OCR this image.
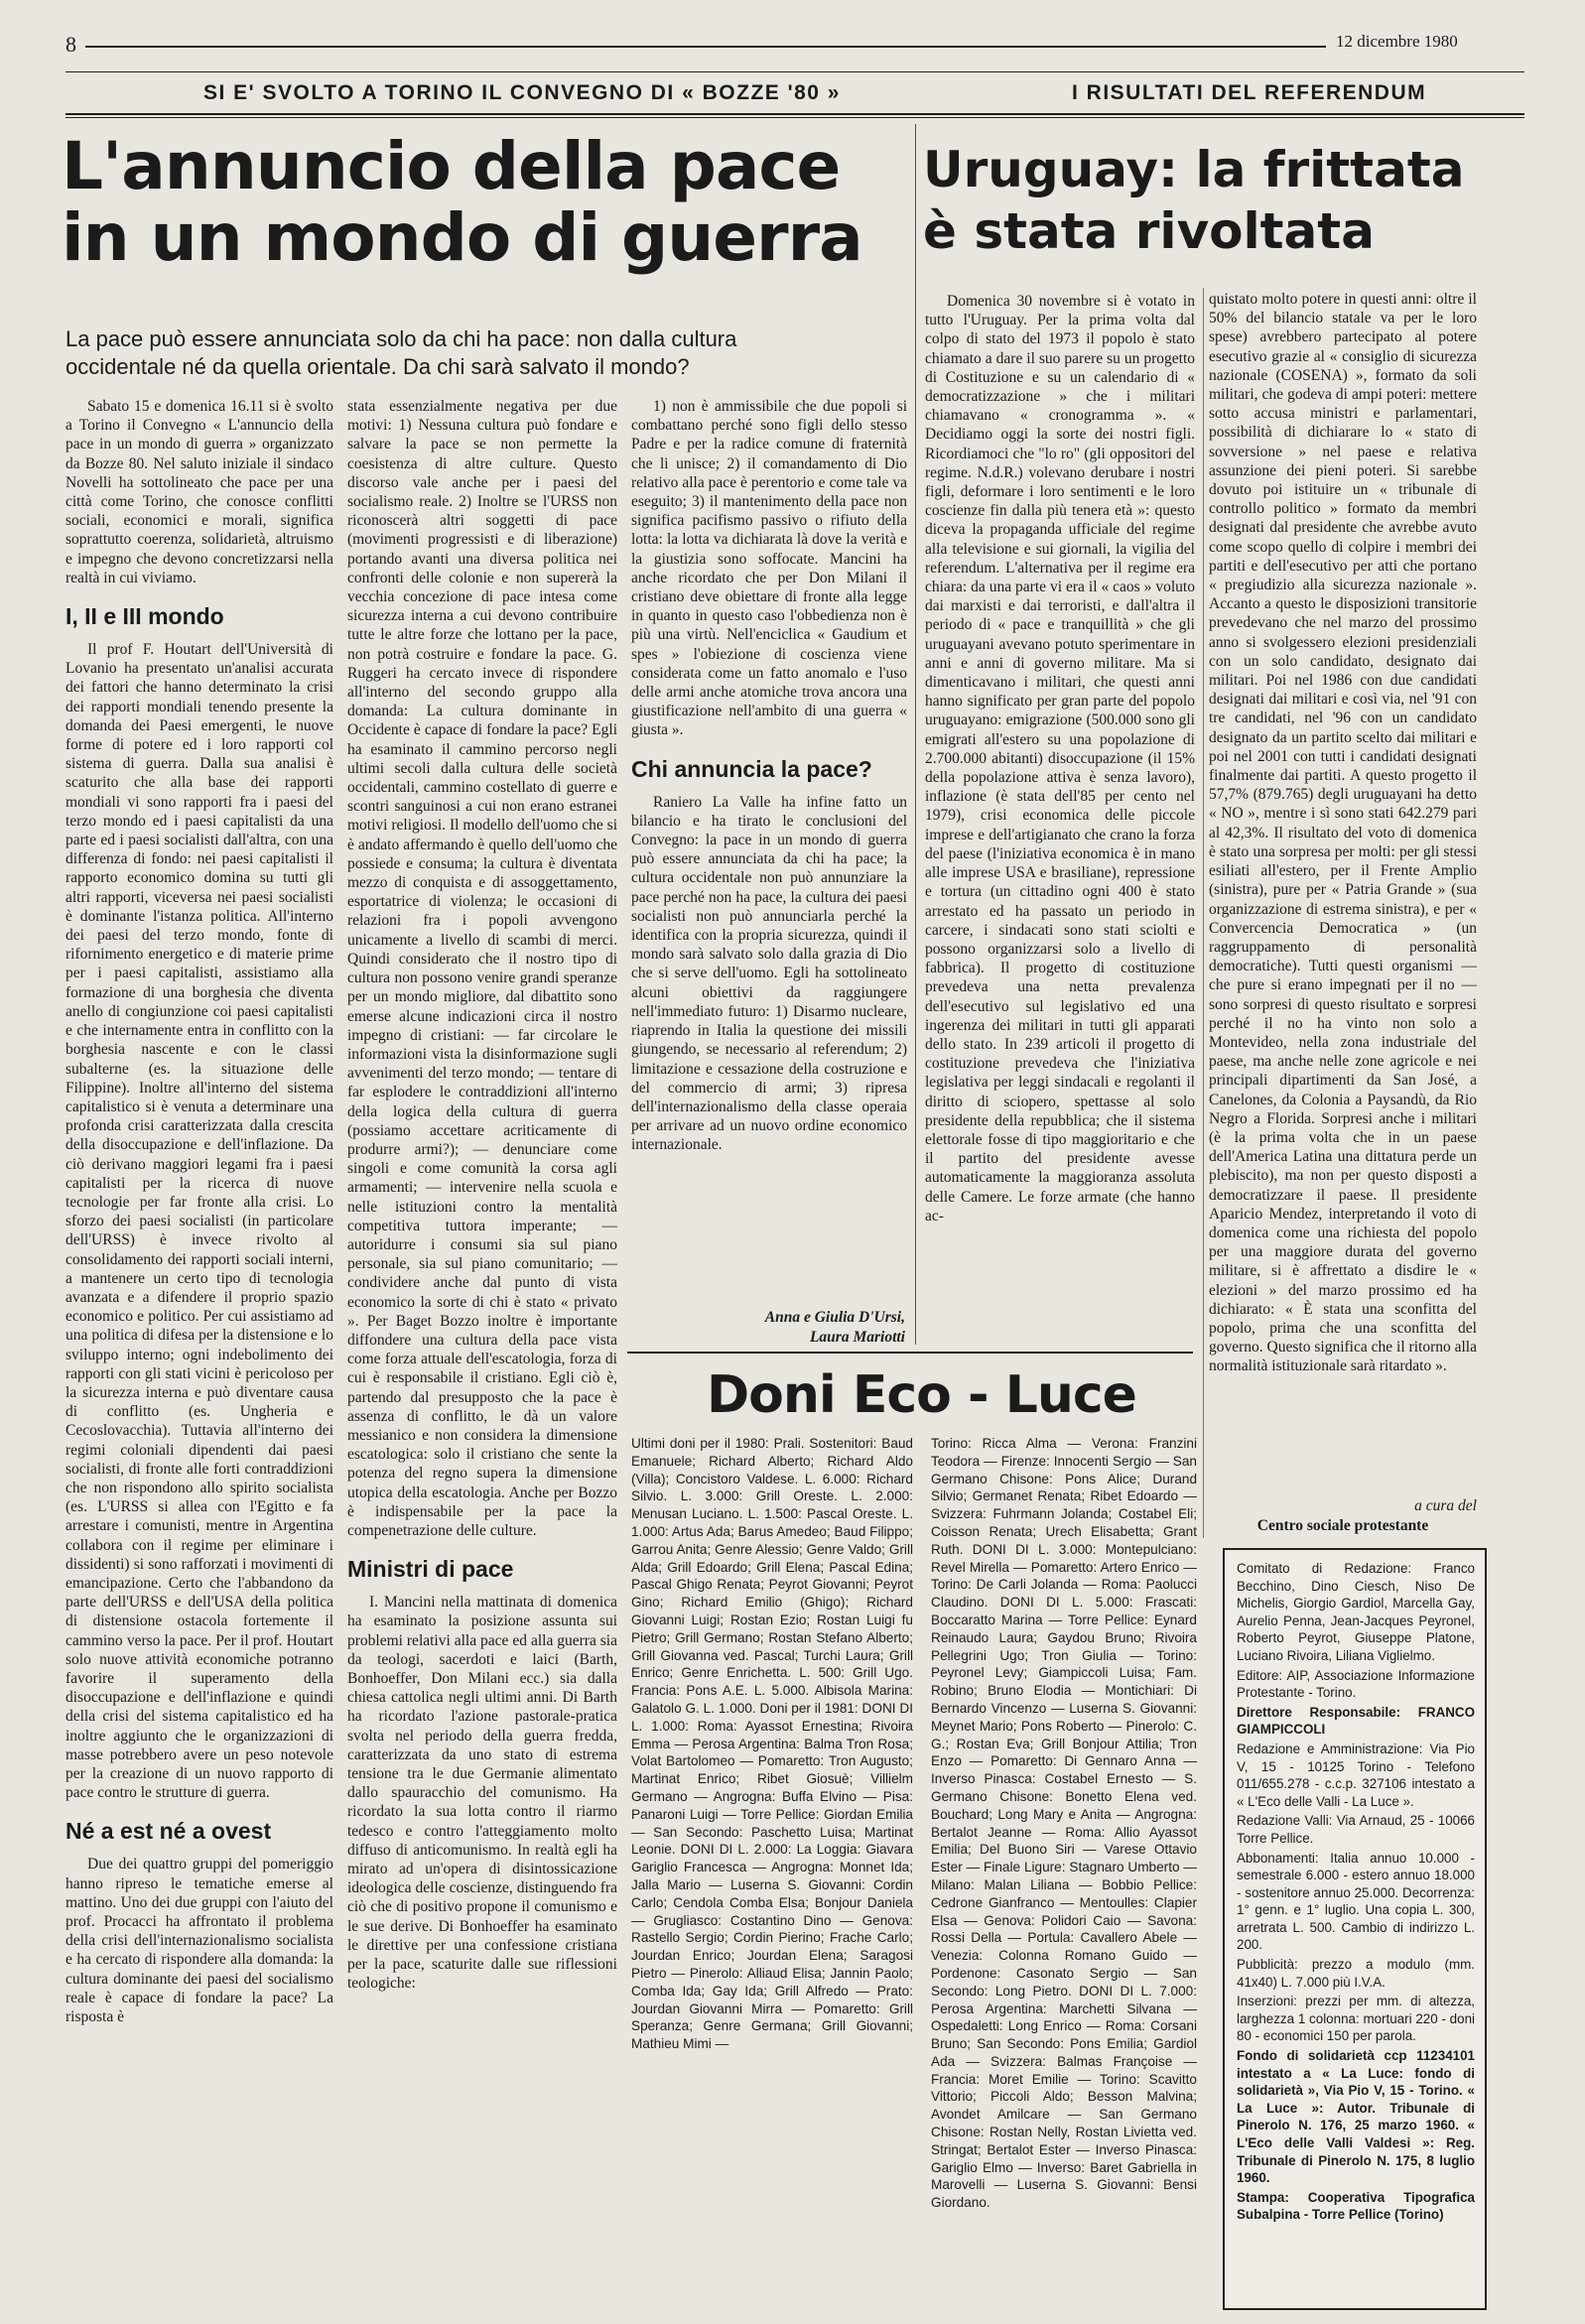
8	12 dicembre 1980
SI E' SVOLTO A TORINO IL CONVEGNO DI « BOZZE '80 »	I RISULTATI DEL REFERENDUM
L'annuncio della pace
in un mondo di guerra
La pace può essere annunciata solo da chi ha pace: non dalla cultura
occidentale né da quella orientale. Da chi sarà salvato il mondo?

Sabato 15 e domenica 16.11 si è svolto a Torino il Convegno « L'annuncio della pace in un mondo di guerra » organizzato da Bozze 80. Nel saluto iniziale il sindaco Novelli ha sottolineato che pace per una città come Torino, che conosce conflitti sociali, economici e morali, significa soprattutto coerenza, solidarietà, altruismo e impegno che devono concretizzarsi nella realtà in cui viviamo.

I, II e III mondo

Il prof F. Houtart dell'Università di Lovanio ha presentato un'analisi accurata dei fattori che hanno determinato la crisi dei rapporti mondiali tenendo presente la domanda dei Paesi emergenti, le nuove forme di potere ed i loro rapporti col sistema di guerra. Dalla sua analisi è scaturito che alla base dei rapporti mondiali vi sono rapporti fra i paesi del terzo mondo ed i paesi capitalisti da una parte ed i paesi socialisti dall'altra, con una differenza di fondo: nei paesi capitalisti il rapporto economico domina su tutti gli altri rapporti, viceversa nei paesi socialisti è dominante l'istanza politica. All'interno dei paesi del terzo mondo, fonte di rifornimento energetico e di materie prime per i paesi capitalisti, assistiamo alla formazione di una borghesia che diventa anello di congiunzione coi paesi capitalisti e che internamente entra in conflitto con la borghesia nascente e con le classi subalterne (es. la situazione delle Filippine). Inoltre all'interno del sistema capitalistico si è venuta a determinare una profonda crisi caratterizzata dalla crescita della disoccupazione e dell'inflazione. Da ciò derivano maggiori legami fra i paesi capitalisti per la ricerca di nuove tecnologie per far fronte alla crisi. Lo sforzo dei paesi socialisti (in particolare dell'URSS) è invece rivolto al consolidamento dei rapporti sociali interni, a mantenere un certo tipo di tecnologia avanzata e a difendere il proprio spazio economico e politico. Per cui assistiamo ad una politica di difesa per la distensione e lo sviluppo interno; ogni indebolimento dei rapporti con gli stati vicini è pericoloso per la sicurezza interna e può diventare causa di conflitto (es. Ungheria e Cecoslovacchia). Tuttavia all'interno dei regimi coloniali dipendenti dai paesi socialisti, di fronte alle forti contraddizioni che non rispondono allo spirito socialista (es. L'URSS si allea con l'Egitto e fa arrestare i comunisti, mentre in Argentina collabora con il regime per eliminare i dissidenti) si sono rafforzati i movimenti di emancipazione. Certo che l'abbandono da parte dell'URSS e dell'USA della politica di distensione ostacola fortemente il cammino verso la pace. Per il prof. Houtart solo nuove attività economiche potranno favorire il superamento della disoccupazione e dell'inflazione e quindi della crisi del sistema capitalistico ed ha inoltre aggiunto che le organizzazioni di masse potrebbero avere un peso notevole per la creazione di un nuovo rapporto di pace contro le strutture di guerra.

Né a est né a ovest

Due dei quattro gruppi del pomeriggio hanno ripreso le tematiche emerse al mattino. Uno dei due gruppi con l'aiuto del prof. Procacci ha affrontato il problema della crisi dell'internazionalismo socialista e ha cercato di rispondere alla domanda: la cultura dominante dei paesi del socialismo reale è capace di fondare la pace? La risposta è

stata essenzialmente negativa per due motivi: 1) Nessuna cultura può fondare e salvare la pace se non permette la coesistenza di altre culture. Questo discorso vale anche per i paesi del socialismo reale. 2) Inoltre se l'URSS non riconoscerà altri soggetti di pace (movimenti progressisti e di liberazione) portando avanti una diversa politica nei confronti delle colonie e non supererà la vecchia concezione di pace intesa come sicurezza interna a cui devono contribuire tutte le altre forze che lottano per la pace, non potrà costruire e fondare la pace. G. Ruggeri ha cercato invece di rispondere all'interno del secondo gruppo alla domanda: La cultura dominante in Occidente è capace di fondare la pace? Egli ha esaminato il cammino percorso negli ultimi secoli dalla cultura delle società occidentali, cammino costellato di guerre e scontri sanguinosi a cui non erano estranei motivi religiosi. Il modello dell'uomo che si è andato affermando è quello dell'uomo che possiede e consuma; la cultura è diventata mezzo di conquista e di assoggettamento, esportatrice di violenza; le occasioni di relazioni fra i popoli avvengono unicamente a livello di scambi di merci. Quindi considerato che il nostro tipo di cultura non possono venire grandi speranze per un mondo migliore, dal dibattito sono emerse alcune indicazioni circa il nostro impegno di cristiani: — far circolare le informazioni vista la disinformazione sugli avvenimenti del terzo mondo; — tentare di far esplodere le contraddizioni all'interno della logica della cultura di guerra (possiamo accettare acriticamente di produrre armi?); — denunciare come singoli e come comunità la corsa agli armamenti; — intervenire nella scuola e nelle istituzioni contro la mentalità competitiva tuttora imperante; — autoridurre i consumi sia sul piano personale, sia sul piano comunitario; — condividere anche dal punto di vista economico la sorte di chi è stato « privato ». Per Baget Bozzo inoltre è importante diffondere una cultura della pace vista come forza attuale dell'escatologia, forza di cui è responsabile il cristiano. Egli ciò è, partendo dal presupposto che la pace è assenza di conflitto, le dà un valore messianico e non considera la dimensione escatologica: solo il cristiano che sente la potenza del regno supera la dimensione utopica della escatologia. Anche per Bozzo è indispensabile per la pace la compenetrazione delle culture.

Ministri di pace

I. Mancini nella mattinata di domenica ha esaminato la posizione assunta sui problemi relativi alla pace ed alla guerra sia da teologi, sacerdoti e laici (Barth, Bonhoeffer, Don Milani ecc.) sia dalla chiesa cattolica negli ultimi anni. Di Barth ha ricordato l'azione pastorale-pratica svolta nel periodo della guerra fredda, caratterizzata da uno stato di estrema tensione tra le due Germanie alimentato dallo spauracchio del comunismo. Ha ricordato la sua lotta contro il riarmo tedesco e contro l'atteggiamento molto diffuso di anticomunismo. In realtà egli ha mirato ad un'opera di disintossicazione ideologica delle coscienze, distinguendo fra ciò che di positivo propone il comunismo e le sue derive. Di Bonhoeffer ha esaminato le direttive per una confessione cristiana per la pace, scaturite dalle sue riflessioni teologiche:

1) non è ammissibile che due popoli si combattano perché sono figli dello stesso Padre e per la radice comune di fraternità che li unisce; 2) il comandamento di Dio relativo alla pace è perentorio e come tale va eseguito; 3) il mantenimento della pace non significa pacifismo passivo o rifiuto della lotta: la lotta va dichiarata là dove la verità e la giustizia sono soffocate. Mancini ha anche ricordato che per Don Milani il cristiano deve obiettare di fronte alla legge in quanto in questo caso l'obbedienza non è più una virtù. Nell'enciclica « Gaudium et spes » l'obiezione di coscienza viene considerata come un fatto anomalo e l'uso delle armi anche atomiche trova ancora una giustificazione nell'ambito di una guerra « giusta ».

Chi annuncia la pace?

Raniero La Valle ha infine fatto un bilancio e ha tirato le conclusioni del Convegno: la pace in un mondo di guerra può essere annunciata da chi ha pace; la cultura occidentale non può annunziare la pace perché non ha pace, la cultura dei paesi socialisti non può annunciarla perché la identifica con la propria sicurezza, quindi il mondo sarà salvato solo dalla grazia di Dio che si serve dell'uomo. Egli ha sottolineato alcuni obiettivi da raggiungere nell'immediato futuro: 1) Disarmo nucleare, riaprendo in Italia la questione dei missili giungendo, se necessario al referendum; 2) limitazione e cessazione della costruzione e del commercio di armi; 3) ripresa dell'internazionalismo della classe operaia per arrivare ad un nuovo ordine economico internazionale.

Anna e Giulia D'Ursi,
Laura Mariotti
Uruguay: la frittata
è stata rivoltata

Domenica 30 novembre si è votato in tutto l'Uruguay. Per la prima volta dal colpo di stato del 1973 il popolo è stato chiamato a dare il suo parere su un progetto di Costituzione e su un calendario di « democratizzazione » che i militari chiamavano « cronogramma ». « Decidiamo oggi la sorte dei nostri figli. Ricordiamoci che "lo ro" (gli oppositori del regime. N.d.R.) volevano derubare i nostri figli, deformare i loro sentimenti e le loro coscienze fin dalla più tenera età »: questo diceva la propaganda ufficiale del regime alla televisione e sui giornali, la vigilia del referendum. L'alternativa per il regime era chiara: da una parte vi era il « caos » voluto dai marxisti e dai terroristi, e dall'altra il periodo di « pace e tranquillità » che gli uruguayani avevano potuto sperimentare in anni e anni di governo militare. Ma si dimenticavano i militari, che questi anni hanno significato per gran parte del popolo uruguayano: emigrazione (500.000 sono gli emigrati all'estero su una popolazione di 2.700.000 abitanti) disoccupazione (il 15% della popolazione attiva è senza lavoro), inflazione (è stata dell'85 per cento nel 1979), crisi economica delle piccole imprese e dell'artigianato che crano la forza del paese (l'iniziativa economica è in mano alle imprese USA e brasiliane), repressione e tortura (un cittadino ogni 400 è stato arrestato ed ha passato un periodo in carcere, i sindacati sono stati sciolti e possono organizzarsi solo a livello di fabbrica). Il progetto di costituzione prevedeva una netta prevalenza dell'esecutivo sul legislativo ed una ingerenza dei militari in tutti gli apparati dello stato. In 239 articoli il progetto di costituzione prevedeva che l'iniziativa legislativa per leggi sindacali e regolanti il diritto di sciopero, spettasse al solo presidente della repubblica; che il sistema elettorale fosse di tipo maggioritario e che il partito del presidente avesse automaticamente la maggioranza assoluta delle Camere. Le forze armate (che hanno ac-

quistato molto potere in questi anni: oltre il 50% del bilancio statale va per le loro spese) avrebbero partecipato al potere esecutivo grazie al « consiglio di sicurezza nazionale (COSENA) », formato da soli militari, che godeva di ampi poteri: mettere sotto accusa ministri e parlamentari, possibilità di dichiarare lo « stato di sovversione » nel paese e relativa assunzione dei pieni poteri. Si sarebbe dovuto poi istituire un « tribunale di controllo politico » formato da membri designati dal presidente che avrebbe avuto come scopo quello di colpire i membri dei partiti e dell'esecutivo per atti che portano « pregiudizio alla sicurezza nazionale ». Accanto a questo le disposizioni transitorie prevedevano che nel marzo del prossimo anno si svolgessero elezioni presidenziali con un solo candidato, designato dai militari. Poi nel 1986 con due candidati designati dai militari e così via, nel '91 con tre candidati, nel '96 con un candidato designato da un partito scelto dai militari e poi nel 2001 con tutti i candidati designati finalmente dai partiti. A questo progetto il 57,7% (879.765) degli uruguayani ha detto « NO », mentre i sì sono stati 642.279 pari al 42,3%. Il risultato del voto di domenica è stato una sorpresa per molti: per gli stessi esiliati all'estero, per il Frente Amplio (sinistra), pure per « Patria Grande » (sua organizzazione di estrema sinistra), e per « Convercencia Democratica » (un raggruppamento di personalità democratiche). Tutti questi organismi — che pure si erano impegnati per il no — sono sorpresi di questo risultato e sorpresi perché il no ha vinto non solo a Montevideo, nella zona industriale del paese, ma anche nelle zone agricole e nei principali dipartimenti da San José, a Canelones, da Colonia a Paysandù, da Rio Negro a Florida. Sorpresi anche i militari (è la prima volta che in un paese dell'America Latina una dittatura perde un plebiscito), ma non per questo disposti a democratizzare il paese. Il presidente Aparicio Mendez, interpretando il voto di domenica come una richiesta del popolo per una maggiore durata del governo militare, si è affrettato a disdire le « elezioni » del marzo prossimo ed ha dichiarato: « È stata una sconfitta del popolo, prima che una sconfitta del governo. Questo significa che il ritorno alla normalità istituzionale sarà ritardato ».

a cura del
Centro sociale protestante
Doni Eco - Luce

Ultimi doni per il 1980: Prali. Sostenitori: Baud Emanuele; Richard Alberto; Richard Aldo (Villa); Concistoro Valdese. L. 6.000: Richard Silvio. L. 3.000: Grill Oreste. L. 2.000: Menusan Luciano. L. 1.500: Pascal Oreste. L. 1.000: Artus Ada; Barus Amedeo; Baud Filippo; Garrou Anita; Genre Alessio; Genre Valdo; Grill Alda; Grill Edoardo; Grill Elena; Pascal Edina; Pascal Ghigo Renata; Peyrot Giovanni; Peyrot Gino; Richard Emilio (Ghigo); Richard Giovanni Luigi; Rostan Ezio; Rostan Luigi fu Pietro; Grill Germano; Rostan Stefano Alberto; Grill Giovanna ved. Pascal; Turchi Laura; Grill Enrico; Genre Enrichetta. L. 500: Grill Ugo. Francia: Pons A.E. L. 5.000. Albisola Marina: Galatolo G. L. 1.000. Doni per il 1981: DONI DI L. 1.000: Roma: Ayassot Ernestina; Rivoira Emma — Perosa Argentina: Balma Tron Rosa; Volat Bartolomeo — Pomaretto: Tron Augusto; Martinat Enrico; Ribet Giosuè; Villielm Germano — Angrogna: Buffa Elvino — Pisa: Panaroni Luigi — Torre Pellice: Giordan Emilia — San Secondo: Paschetto Luisa; Martinat Leonie. DONI DI L. 2.000: La Loggia: Giavara Gariglio Francesca — Angrogna: Monnet Ida; Jalla Mario — Luserna S. Giovanni: Cordin Carlo; Cendola Comba Elsa; Bonjour Daniela — Grugliasco: Costantino Dino — Genova: Rastello Sergio; Cordin Pierino; Frache Carlo; Jourdan Enrico; Jourdan Elena; Saragosi Pietro — Pinerolo: Alliaud Elisa; Jannin Paolo; Comba Ida; Gay Ida; Grill Alfredo — Prato: Jourdan Giovanni Mirra — Pomaretto: Grill Speranza; Genre Germana; Grill Giovanni; Mathieu Mimi —

Torino: Ricca Alma — Verona: Franzini Teodora — Firenze: Innocenti Sergio — San Germano Chisone: Pons Alice; Durand Silvio; Germanet Renata; Ribet Edoardo — Svizzera: Fuhrmann Jolanda; Costabel Eli; Coisson Renata; Urech Elisabetta; Grant Ruth. DONI DI L. 3.000: Montepulciano: Revel Mirella — Pomaretto: Artero Enrico — Torino: De Carli Jolanda — Roma: Paolucci Claudino. DONI DI L. 5.000: Frascati: Boccaratto Marina — Torre Pellice: Eynard Reinaudo Laura; Gaydou Bruno; Rivoira Pellegrini Ugo; Tron Giulia — Torino: Peyronel Levy; Giampiccoli Luisa; Fam. Robino; Bruno Elodia — Montichiari: Di Bernardo Vincenzo — Luserna S. Giovanni: Meynet Mario; Pons Roberto — Pinerolo: C. G.; Rostan Eva; Grill Bonjour Attilia; Tron Enzo — Pomaretto: Di Gennaro Anna — Inverso Pinasca: Costabel Ernesto — S. Germano Chisone: Bonetto Elena ved. Bouchard; Long Mary e Anita — Angrogna: Bertalot Jeanne — Roma: Allio Ayassot Emilia; Del Buono Siri — Varese Ottavio Ester — Finale Ligure: Stagnaro Umberto — Milano: Malan Liliana — Bobbio Pellice: Cedrone Gianfranco — Mentoulles: Clapier Elsa — Genova: Polidori Caio — Savona: Rossi Della — Portula: Cavallero Abele — Venezia: Colonna Romano Guido — Pordenone: Casonato Sergio — San Secondo: Long Pietro. DONI DI L. 7.000: Perosa Argentina: Marchetti Silvana — Ospedaletti: Long Enrico — Roma: Corsani Bruno; San Secondo: Pons Emilia; Gardiol Ada — Svizzera: Balmas Françoise — Francia: Moret Emilie — Torino: Scavitto Vittorio; Piccoli Aldo; Besson Malvina; Avondet Amilcare — San Germano Chisone: Rostan Nelly, Rostan Livietta ved. Stringat; Bertalot Ester — Inverso Pinasca: Gariglio Elmo — Inverso: Baret Gabriella in Marovelli — Luserna S. Giovanni: Bensi Giordano.

Comitato di Redazione: Franco Becchino, Dino Ciesch, Niso De Michelis, Giorgio Gardiol, Marcella Gay, Aurelio Penna, Jean-Jacques Peyronel, Roberto Peyrot, Giuseppe Platone, Luciano Rivoira, Liliana Viglielmo.

Editore: AIP, Associazione Informazione Protestante - Torino.

Direttore Responsabile: FRANCO GIAMPICCOLI

Redazione e Amministrazione: Via Pio V, 15 - 10125 Torino - Telefono 011/655.278 - c.c.p. 327106 intestato a « L'Eco delle Valli - La Luce ».

Redazione Valli: Via Arnaud, 25 - 10066 Torre Pellice.

Abbonamenti: Italia annuo 10.000 - semestrale 6.000 - estero annuo 18.000 - sostenitore annuo 25.000. Decorrenza: 1° genn. e 1° luglio. Una copia L. 300, arretrata L. 500. Cambio di indirizzo L. 200.

Pubblicità: prezzo a modulo (mm. 41x40) L. 7.000 più I.V.A.

Inserzioni: prezzi per mm. di altezza, larghezza 1 colonna: mortuari 220 - doni 80 - economici 150 per parola.

Fondo di solidarietà ccp 11234101 intestato a « La Luce: fondo di solidarietà », Via Pio V, 15 - Torino. « La Luce »: Autor. Tribunale di Pinerolo N. 176, 25 marzo 1960. « L'Eco delle Valli Valdesi »: Reg. Tribunale di Pinerolo N. 175, 8 luglio 1960.

Stampa: Cooperativa Tipografica Subalpina - Torre Pellice (Torino)
